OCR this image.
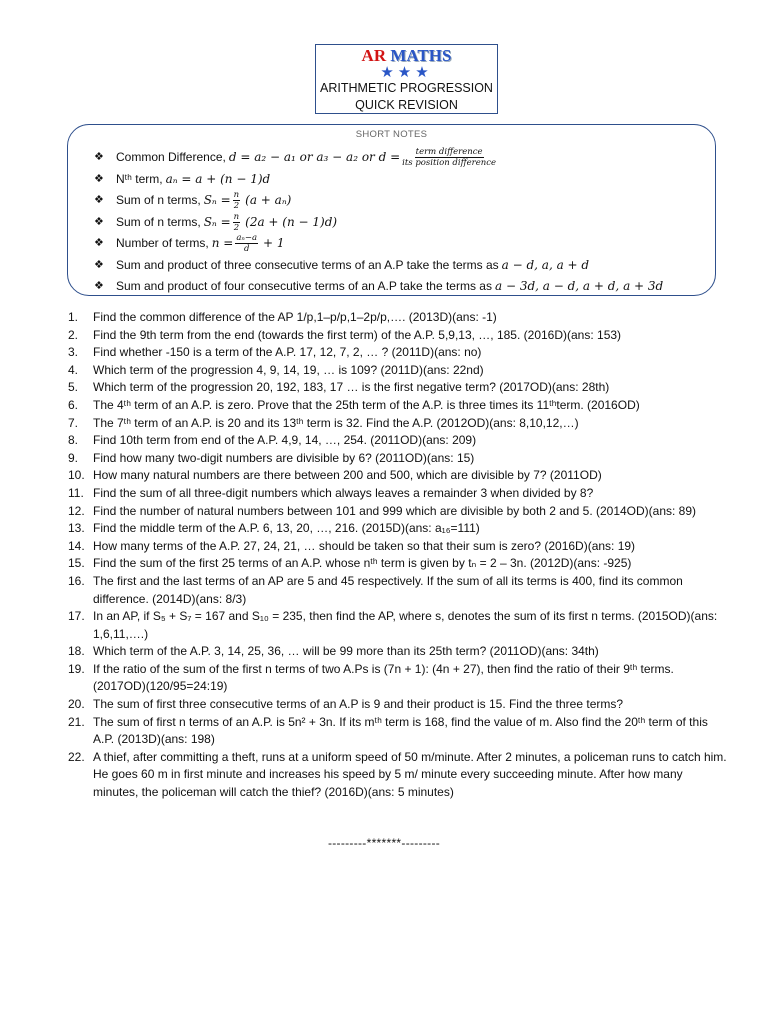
AR MATHS
★★★
ARITHMETIC PROGRESSION
QUICK REVISION
SHORT NOTES
❖	Common Difference, d = a₂ − a₁ or a₃ − a₂ or $d = \frac{\text{term difference}}{\text{its position difference}}$
❖	Nᵗʰ term, aₙ = a + (n − 1)d
❖	Sum of n terms, $S_n = \frac{n}{2} (a + a_n)$
❖	Sum of n terms, $S_n = \frac{n}{2} (2a + (n - 1)d)$
❖	Number of terms, $n = \frac{\text{aₙ−a}}{d} + 1$
❖	Sum and product of three consecutive terms of an A.P take the terms as a − d, a, a + d
❖	Sum and product of four consecutive terms of an A.P take the terms as a − 3d, a − d, a + d, a + 3d
1.	Find the common difference of the AP 1/p,1–p/p,1–2p/p,…. (2013D)(ans: -1)
2.	Find the 9th term from the end (towards the first term) of the A.P. 5,9,13, …, 185. (2016D)(ans: 153)
3.	Find whether -150 is a term of the A.P. 17, 12, 7, 2, … ? (2011D)(ans: no)
4.	Which term of the progression 4, 9, 14, 19, … is 109? (2011D)(ans: 22nd)
5.	Which term of the progression 20, 192, 183, 17 … is the first negative term? (2017OD)(ans: 28th)
6.	The 4ᵗʰ term of an A.P. is zero. Prove that the 25th term of the A.P. is three times its 11ᵗʰterm. (2016OD)
7.	The 7ᵗʰ term of an A.P. is 20 and its 13ᵗʰ term is 32. Find the A.P. (2012OD)(ans: 8,10,12,…)
8.	Find 10th term from end of the A.P. 4,9, 14, …, 254. (2011OD)(ans: 209)
9.	Find how many two-digit numbers are divisible by 6? (2011OD)(ans: 15)
10. How many natural numbers are there between 200 and 500, which are divisible by 7? (2011OD)
11. Find the sum of all three-digit numbers which always leaves a remainder 3 when divided by 8?
12. Find the number of natural numbers between 101 and 999 which are divisible by both 2 and 5. (2014OD)(ans: 89)
13. Find the middle term of the A.P. 6, 13, 20, …, 216. (2015D)(ans: a₁₆=111)
14. How many terms of the A.P. 27, 24, 21, … should be taken so that their sum is zero? (2016D)(ans: 19)
15. Find the sum of the first 25 terms of an A.P. whose nᵗʰ term is given by tₙ = 2 – 3n. (2012D)(ans: -925)
16. The first and the last terms of an AP are 5 and 45 respectively. If the sum of all its terms is 400, find its common difference. (2014D)(ans: 8/3)
17. In an AP, if S₅ + S₇ = 167 and S₁₀ = 235, then find the AP, where s, denotes the sum of its first n terms. (2015OD)(ans: 1,6,11,….)
18. Which term of the A.P. 3, 14, 25, 36, … will be 99 more than its 25th term? (2011OD)(ans: 34th)
19. If the ratio of the sum of the first n terms of two A.Ps is (7n + 1): (4n + 27), then find the ratio of their 9ᵗʰ terms. (2017OD)(120/95=24:19)
20. The sum of first three consecutive terms of an A.P is 9 and their product is 15. Find the three terms?
21. The sum of first n terms of an A.P. is 5n² + 3n. If its mᵗʰ term is 168, find the value of m. Also find the 20ᵗʰ term of this A.P. (2013D)(ans: 198)
22. A thief, after committing a theft, runs at a uniform speed of 50 m/minute. After 2 minutes, a policeman runs to catch him. He goes 60 m in first minute and increases his speed by 5 m/ minute every succeeding minute. After how many minutes, the policeman will catch the thief? (2016D)(ans: 5 minutes)
---------*******---------
